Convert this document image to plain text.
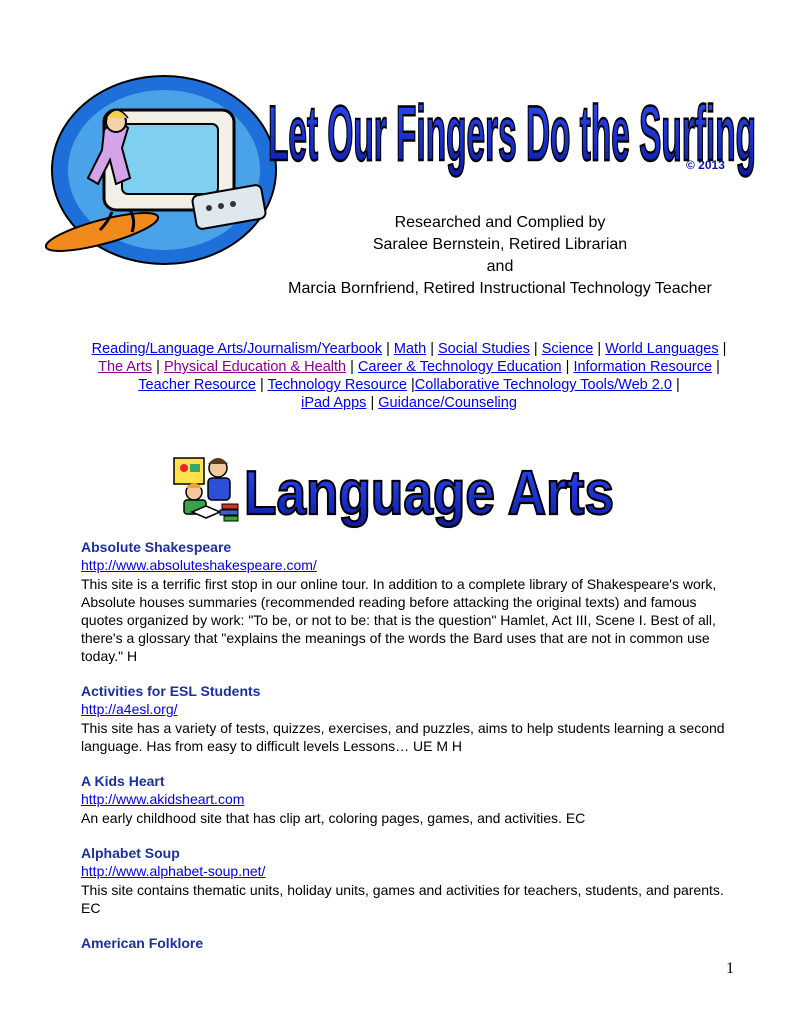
Let Our Fingers Do the Surfing
© 2013
Researched and Complied by
Saralee Bernstein, Retired Librarian
and
Marcia Bornfriend, Retired Instructional Technology Teacher
Reading/Language Arts/Journalism/Yearbook | Math | Social Studies | Science | World Languages | The Arts | Physical Education & Health | Career & Technology Education | Information Resource | Teacher Resource | Technology Resource |Collaborative Technology Tools/Web 2.0 |
iPad Apps | Guidance/Counseling
Language Arts
Absolute Shakespeare
http://www.absoluteshakespeare.com/
This site is a terrific first stop in our online tour. In addition to a complete library of Shakespeare's work, Absolute houses summaries (recommended reading before attacking the original texts) and famous quotes organized by work: "To be, or not to be: that is the question" Hamlet, Act III, Scene I. Best of all, there's a glossary that "explains the meanings of the words the Bard uses that are not in common use today." H
Activities for ESL Students
http://a4esl.org/
This site has a variety of tests, quizzes, exercises, and puzzles, aims to help students learning a second language. Has from easy to difficult levels Lessons… UE M H
A Kids Heart
http://www.akidsheart.com
An early childhood site that has clip art, coloring pages, games, and activities. EC
Alphabet Soup
http://www.alphabet-soup.net/
This site contains thematic units, holiday units, games and activities for teachers, students, and parents. EC
American Folklore
1
